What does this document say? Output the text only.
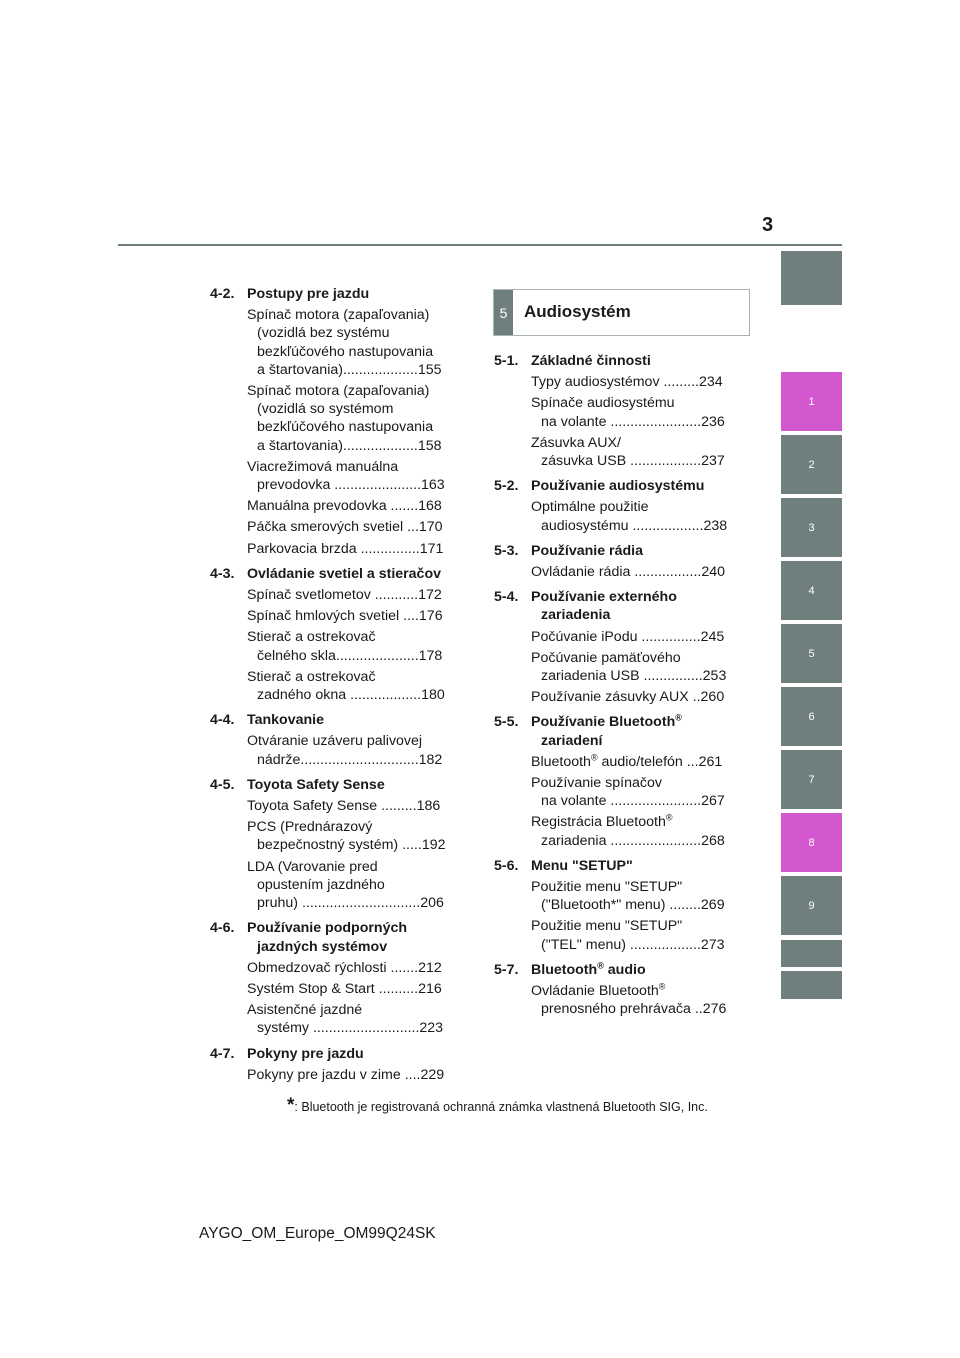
3
1
2
3
4
5
6
7
8
9
5 Audiosystém
4-2. Postupy pre jazdu
Spínač motora (zapaľovania)
(vozidlá bez systému
bezkľúčového nastupovania
a štartovania)...................155
Spínač motora (zapaľovania)
(vozidlá so systémom
bezkľúčového nastupovania
a štartovania)...................158
Viacrežimová manuálna
prevodovka ......................163
Manuálna prevodovka .......168
Páčka smerových svetiel ...170
Parkovacia brzda ...............171
4-3. Ovládanie svetiel a stieračov
Spínač svetlometov ...........172
Spínač hmlových svetiel ....176
Stierač a ostrekovač
čelného skla.....................178
Stierač a ostrekovač
zadného okna ..................180
4-4. Tankovanie
Otváranie uzáveru palivovej
nádrže..............................182
4-5. Toyota Safety Sense
Toyota Safety Sense .........186
PCS (Prednárazový
bezpečnostný systém) .....192
LDA (Varovanie pred
opustením jazdného
pruhu) ..............................206
4-6. Používanie podporných jazdných systémov
Obmedzovač rýchlosti .......212
Systém Stop & Start ..........216
Asistenčné jazdné
systémy ...........................223
4-7. Pokyny pre jazdu
Pokyny pre jazdu v zime ....229
5-1. Základné činnosti
Typy audiosystémov .........234
Spínače audiosystému
na volante .......................236
Zásuvka AUX/
zásuvka USB ..................237
5-2. Používanie audiosystému
Optimálne použitie
audiosystému ..................238
5-3. Používanie rádia
Ovládanie rádia .................240
5-4. Používanie externého zariadenia
Počúvanie iPodu ...............245
Počúvanie pamäťového
zariadenia USB ...............253
Používanie zásuvky AUX ..260
5-5. Používanie Bluetooth® zariadení
Bluetooth® audio/telefón ...261
Používanie spínačov
na volante .......................267
Registrácia Bluetooth®
zariadenia .......................268
5-6. Menu "SETUP"
Použitie menu "SETUP"
("Bluetooth*" menu) ........269
Použitie menu "SETUP"
("TEL" menu) ..................273
5-7. Bluetooth® audio
Ovládanie Bluetooth®
prenosného prehrávača ..276
*: Bluetooth je registrovaná ochranná známka vlastnená Bluetooth SIG, Inc.
AYGO_OM_Europe_OM99Q24SK
